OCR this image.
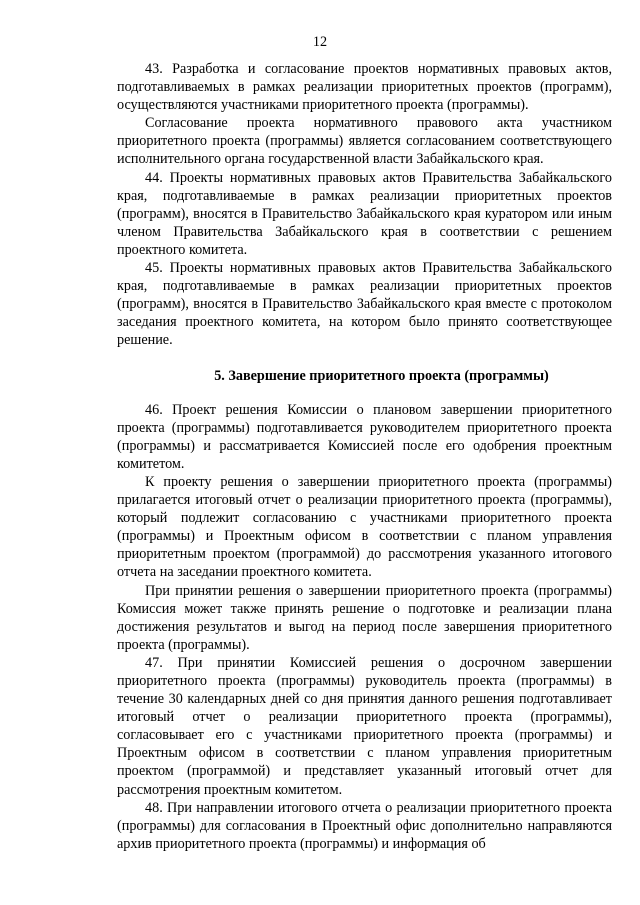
12

43. Разработка и согласование проектов нормативных правовых актов, подготавливаемых в рамках реализации приоритетных проектов (программ), осуществляются участниками приоритетного проекта (программы).

Согласование проекта нормативного правового акта участником приоритетного проекта (программы) является согласованием соответствующего исполнительного органа государственной власти Забайкальского края.

44. Проекты нормативных правовых актов Правительства Забайкальского края, подготавливаемые в рамках реализации приоритетных проектов (программ), вносятся в Правительство Забайкальского края куратором или иным членом Правительства Забайкальского края в соответствии с решением проектного комитета.

45. Проекты нормативных правовых актов Правительства Забайкальского края, подготавливаемые в рамках реализации приоритетных проектов (программ), вносятся в Правительство Забайкальского края вместе с протоколом заседания проектного комитета, на котором было принято соответствующее решение.

5. Завершение приоритетного проекта (программы)

46. Проект решения Комиссии о плановом завершении приоритетного проекта (программы) подготавливается руководителем приоритетного проекта (программы) и рассматривается Комиссией после его одобрения проектным комитетом.

К проекту решения о завершении приоритетного проекта (программы) прилагается итоговый отчет о реализации приоритетного проекта (программы), который подлежит согласованию с участниками приоритетного проекта (программы) и Проектным офисом в соответствии с планом управления приоритетным проектом (программой) до рассмотрения указанного итогового отчета на заседании проектного комитета.

При принятии решения о завершении приоритетного проекта (программы) Комиссия может также принять решение о подготовке и реализации плана достижения результатов и выгод на период после завершения приоритетного проекта (программы).

47. При принятии Комиссией решения о досрочном завершении приоритетного проекта (программы) руководитель проекта (программы) в течение 30 календарных дней со дня принятия данного решения подготавливает итоговый отчет о реализации приоритетного проекта (программы), согласовывает его с участниками приоритетного проекта (программы) и Проектным офисом в соответствии с планом управления приоритетным проектом (программой) и представляет указанный итоговый отчет для рассмотрения проектным комитетом.

48. При направлении итогового отчета о реализации приоритетного проекта (программы) для согласования в Проектный офис дополнительно направляются архив приоритетного проекта (программы) и информация об
